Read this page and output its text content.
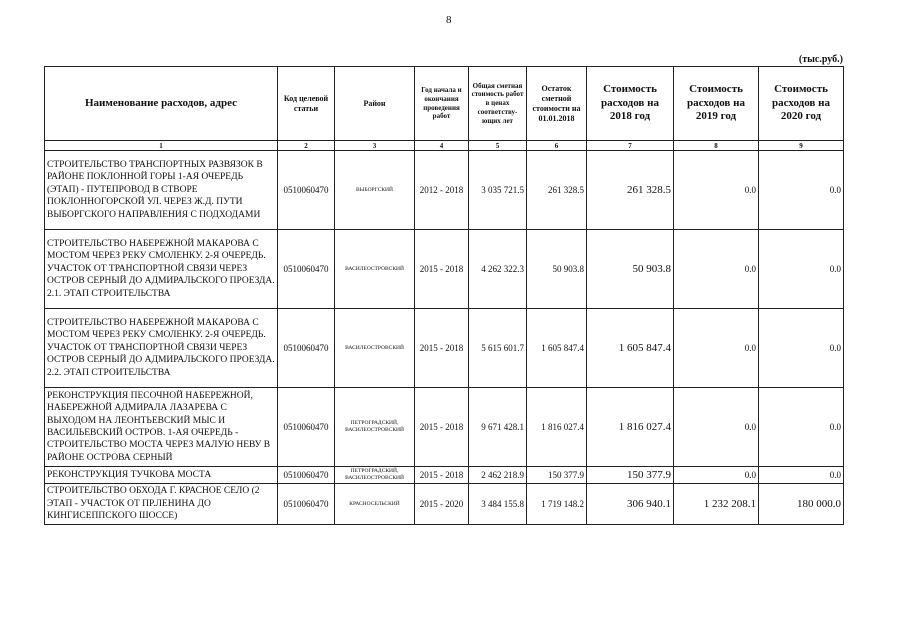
8
(тыс.руб.)
Наименование расходов, адрес	Код целевой статьи	Район	Год начала и окончания проведения работ	Общая сметная стоимость работ в ценах соответству-ющих лет	Остаток сметной стоимости на 01.01.2018	Стоимость расходов на 2018 год	Стоимость расходов на 2019 год	Стоимость расходов на 2020 год
1	2	3	4	5	6	7	8	9
СТРОИТЕЛЬСТВО ТРАНСПОРТНЫХ РАЗВЯЗОК В РАЙОНЕ ПОКЛОННОЙ ГОРЫ 1-АЯ ОЧЕРЕДЬ (ЭТАП) - ПУТЕПРОВОД В СТВОРЕ ПОКЛОННОГОРСКОЙ УЛ. ЧЕРЕЗ Ж.Д. ПУТИ ВЫБОРГСКОГО НАПРАВЛЕНИЯ С ПОДХОДАМИ	0510060470	ВЫБОРГСКИЙ	2012 - 2018	3 035 721.5	261 328.5	261 328.5	0.0	0.0
СТРОИТЕЛЬСТВО НАБЕРЕЖНОЙ МАКАРОВА С МОСТОМ ЧЕРЕЗ РЕКУ СМОЛЕНКУ. 2-Я ОЧЕРЕДЬ. УЧАСТОК ОТ ТРАНСПОРТНОЙ СВЯЗИ ЧЕРЕЗ ОСТРОВ СЕРНЫЙ ДО АДМИРАЛЬСКОГО ПРОЕЗДА. 2.1. ЭТАП СТРОИТЕЛЬСТВА	0510060470	ВАСИЛЕОСТРОВСКИЙ	2015 - 2018	4 262 322.3	50 903.8	50 903.8	0.0	0.0
СТРОИТЕЛЬСТВО НАБЕРЕЖНОЙ МАКАРОВА С МОСТОМ ЧЕРЕЗ РЕКУ СМОЛЕНКУ. 2-Я ОЧЕРЕДЬ. УЧАСТОК ОТ ТРАНСПОРТНОЙ СВЯЗИ ЧЕРЕЗ ОСТРОВ СЕРНЫЙ ДО АДМИРАЛЬСКОГО ПРОЕЗДА. 2.2. ЭТАП СТРОИТЕЛЬСТВА	0510060470	ВАСИЛЕОСТРОВСКИЙ	2015 - 2018	5 615 601.7	1 605 847.4	1 605 847.4	0.0	0.0
РЕКОНСТРУКЦИЯ ПЕСОЧНОЙ НАБЕРЕЖНОЙ, НАБЕРЕЖНОЙ АДМИРАЛА ЛАЗАРЕВА С ВЫХОДОМ НА ЛЕОНТЬЕВСКИЙ МЫС И ВАСИЛЬЕВСКИЙ ОСТРОВ. 1-АЯ ОЧЕРЕДЬ - СТРОИТЕЛЬСТВО МОСТА ЧЕРЕЗ МАЛУЮ НЕВУ В РАЙОНЕ ОСТРОВА СЕРНЫЙ	0510060470	ПЕТРОГРАДСКИЙ, ВАСИЛЕОСТРОВСКИЙ	2015 - 2018	9 671 428.1	1 816 027.4	1 816 027.4	0.0	0.0
РЕКОНСТРУКЦИЯ ТУЧКОВА МОСТА	0510060470	ПЕТРОГРАДСКИЙ, ВАСИЛЕОСТРОВСКИЙ	2015 - 2018	2 462 218.9	150 377.9	150 377.9	0.0	0.0
СТРОИТЕЛЬСТВО ОБХОДА Г. КРАСНОЕ СЕЛО (2 ЭТАП - УЧАСТОК ОТ ПР.ЛЕНИНА ДО КИНГИСЕППСКОГО ШОССЕ)	0510060470	КРАСНОСЕЛЬСКИЙ	2015 - 2020	3 484 155.8	1 719 148.2	306 940.1	1 232 208.1	180 000.0
